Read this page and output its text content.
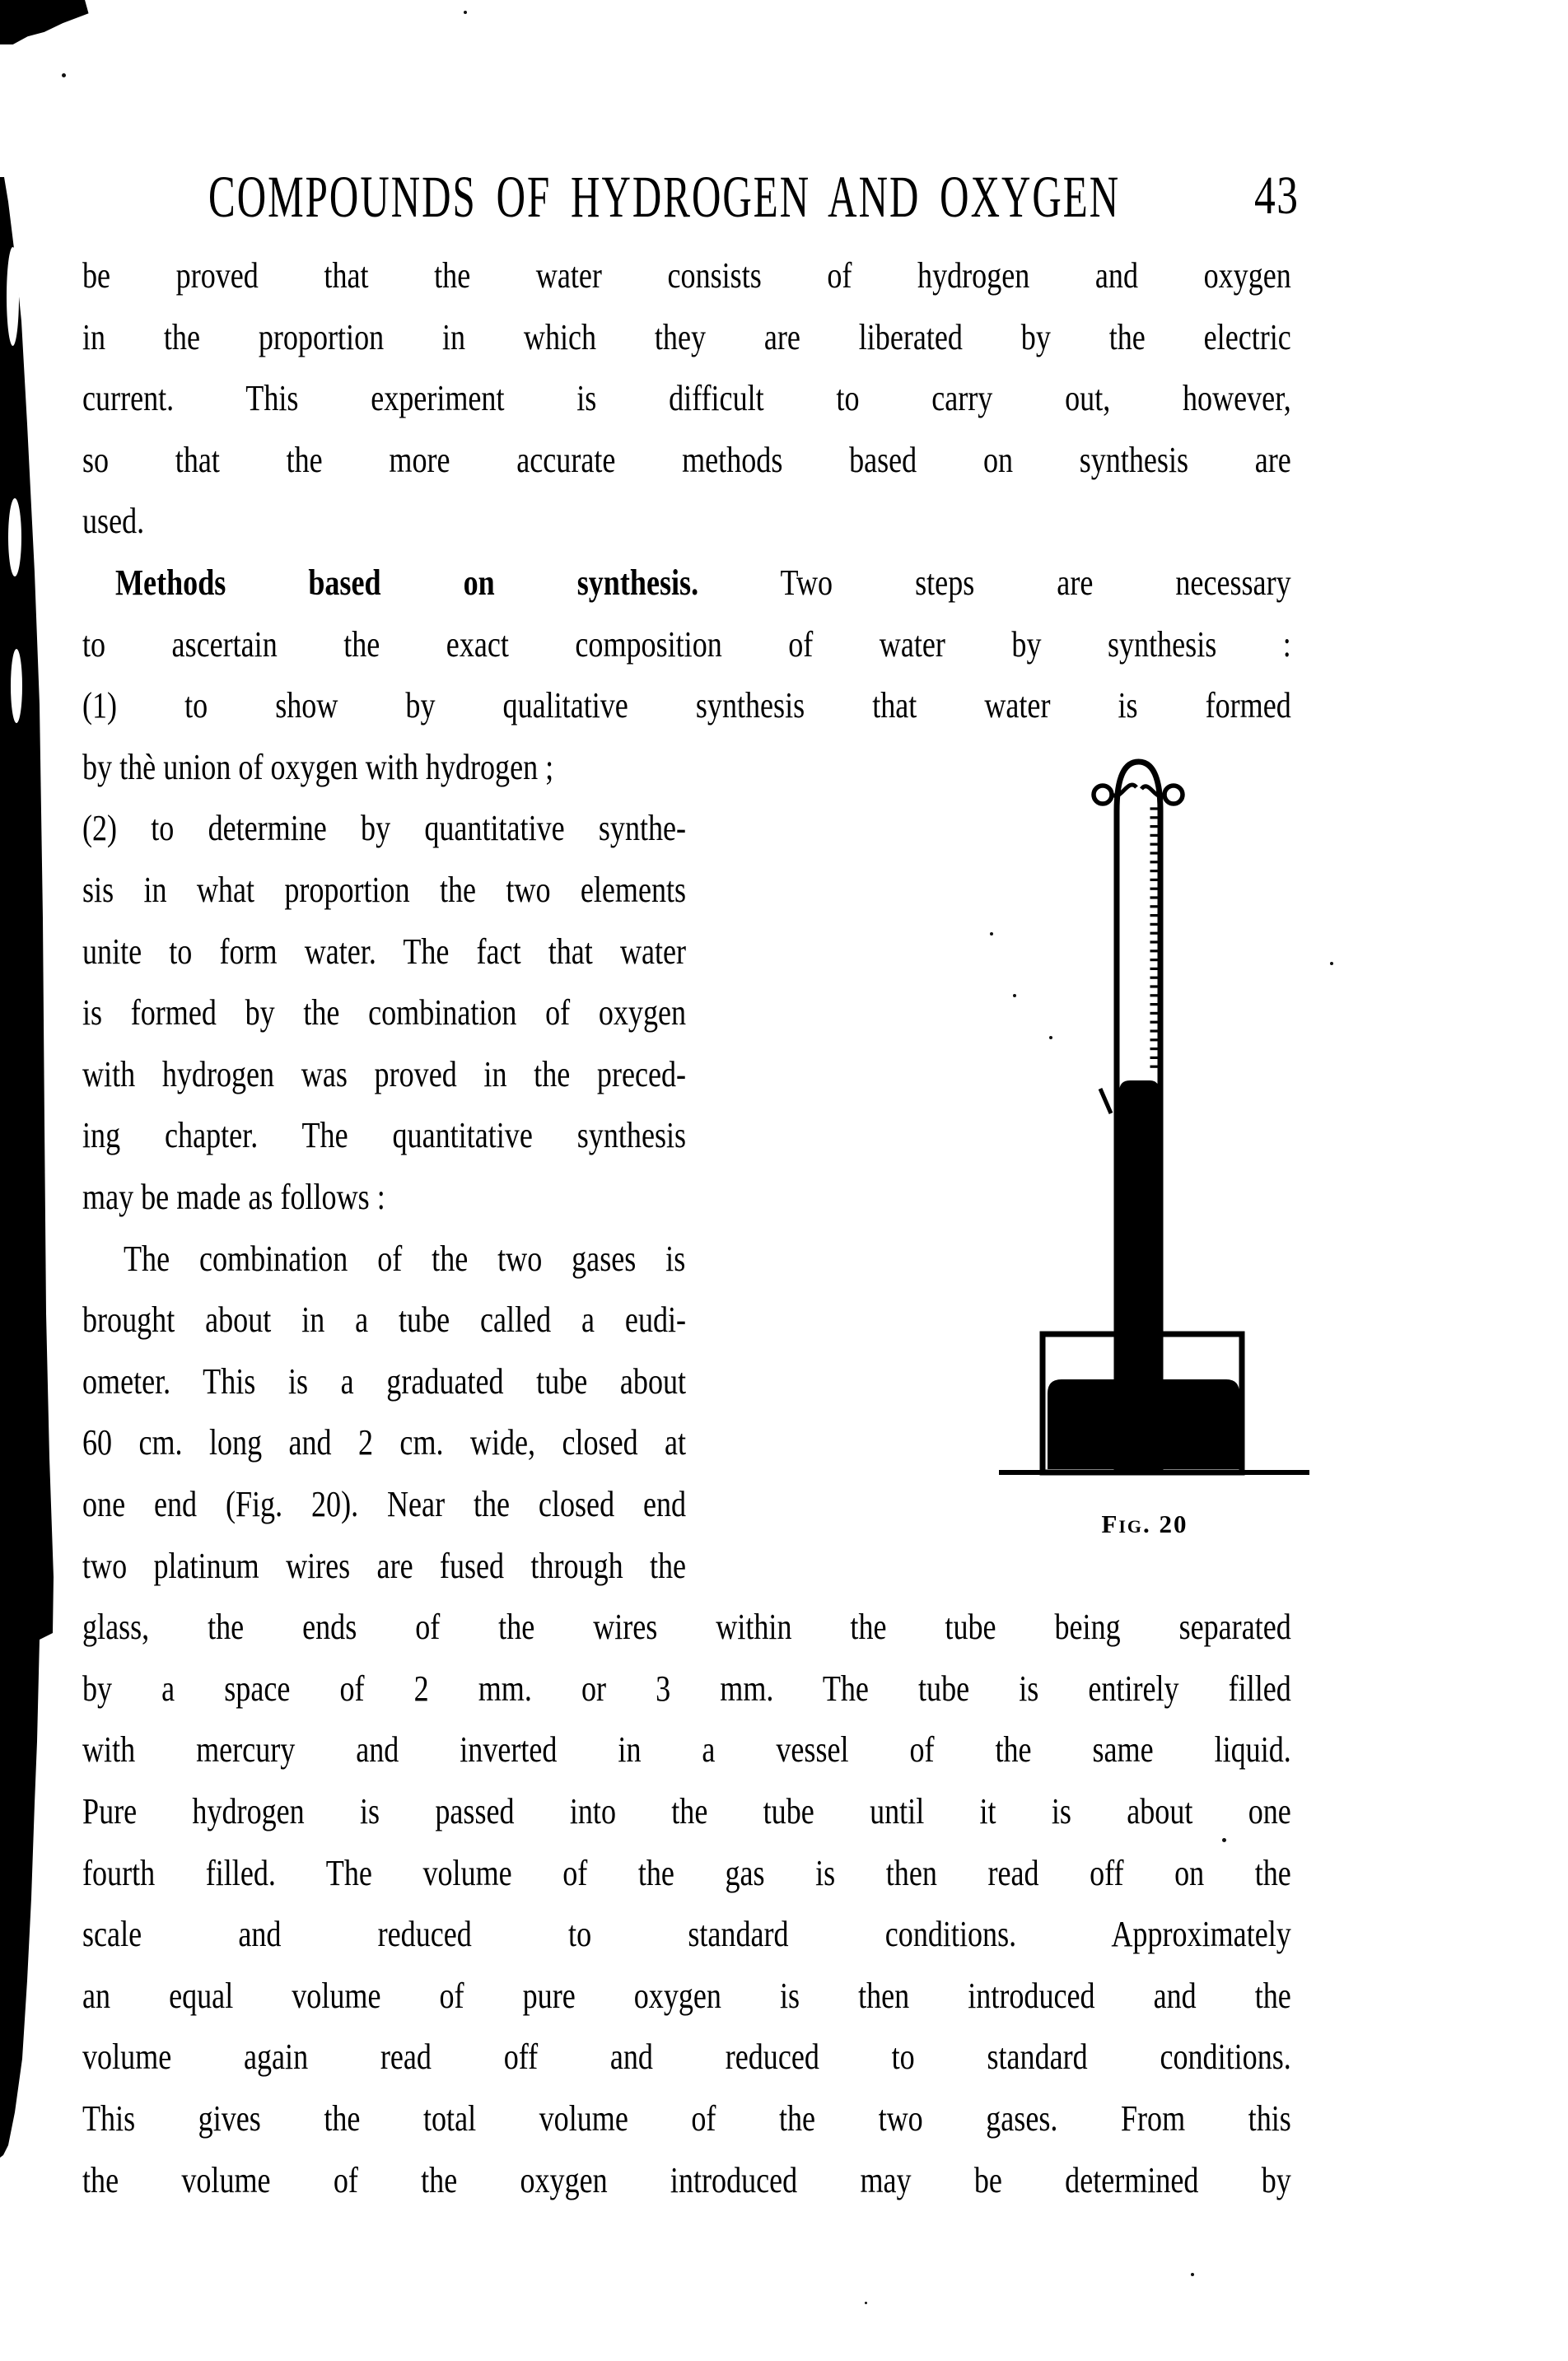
COMPOUNDS OF HYDROGEN AND OXYGEN 43
be proved that the water consists of hydrogen and oxygen
in the proportion in which they are liberated by the electric
current. This experiment is difficult to carry out, however,
so that the more accurate methods based on synthesis are
used.
Methods based on synthesis. Two steps are necessary
to ascertain the exact composition of water by synthesis :
(1) to show by qualitative synthesis that water is formed
by thè union of oxygen with hydrogen ;
(2) to determine by quantitative synthe-
sis in what proportion the two elements
unite to form water. The fact that water
is formed by the combination of oxygen
with hydrogen was proved in the preced-
ing chapter. The quantitative synthesis
may be made as follows :
The combination of the two gases is
brought about in a tube called a eudi-
ometer. This is a graduated tube about
60 cm. long and 2 cm. wide, closed at
one end (Fig. 20). Near the closed end
two platinum wires are fused through the
glass, the ends of the wires within the tube being separated
by a space of 2 mm. or 3 mm. The tube is entirely filled
with mercury and inverted in a vessel of the same liquid.
Pure hydrogen is passed into the tube until it is about one
fourth filled. The volume of the gas is then read off on the
scale and reduced to standard conditions. Approximately
an equal volume of pure oxygen is then introduced and the
volume again read off and reduced to standard conditions.
This gives the total volume of the two gases. From this
the volume of the oxygen introduced may be determined by
Fig. 20
